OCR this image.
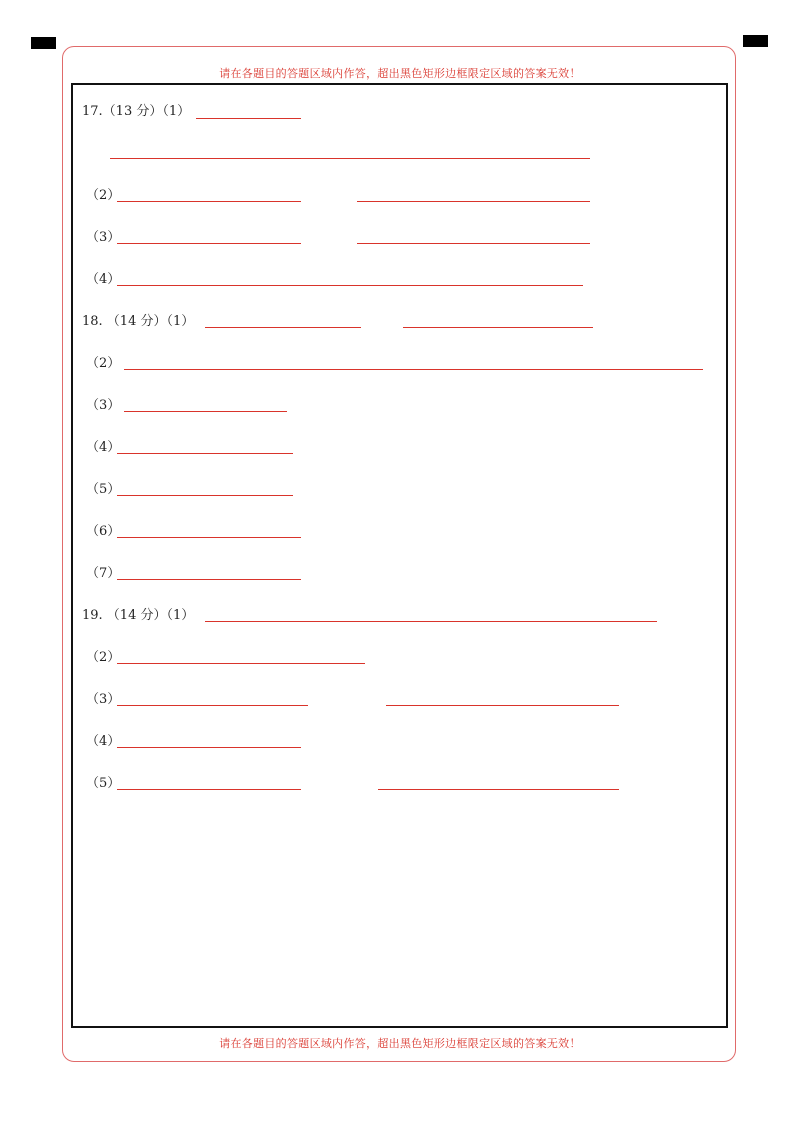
请在各题目的答题区域内作答，超出黑色矩形边框限定区域的答案无效！
请在各题目的答题区域内作答，超出黑色矩形边框限定区域的答案无效！
17.（13 分）（1）
（2）
（3）
（4）
18. （14 分）（1）
（2）
（3）
（4）
（5）
（6）
（7）
19. （14 分）（1）
（2）
（3）
（4）
（5）
